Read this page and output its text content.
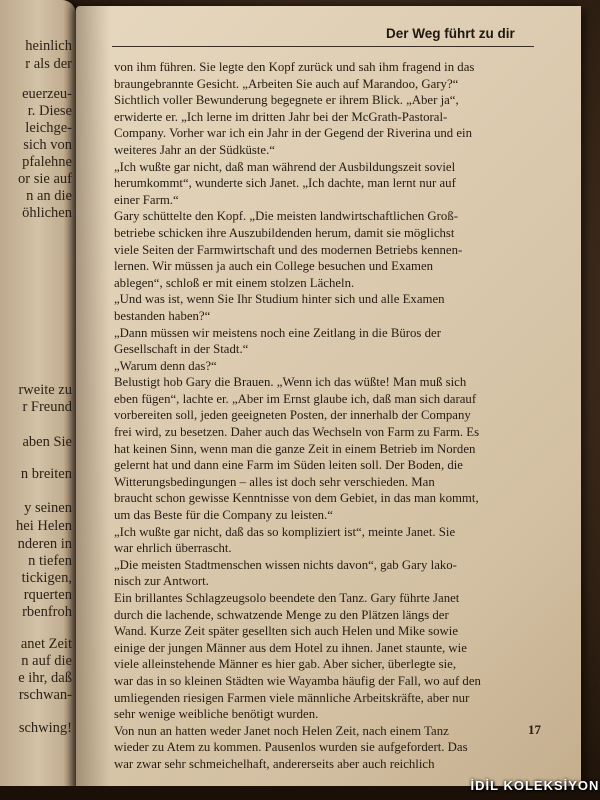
heinlich
r als der
euerzeu-
r. Diese
leichge-
sich von
pfalehne
or sie auf
n an die
öhlichen
rweite zu
r Freund
aben Sie
n breiten
y seinen
hei Helen
nderen in
n tiefen
tickigen,
rquerten
rbenfroh
anet Zeit
n auf die
e ihr, daß
rschwan-
schwing!
Der Weg führt zu dir
von ihm führen. Sie legte den Kopf zurück und sah ihm fragend in das
braungebrannte Gesicht. „Arbeiten Sie auch auf Marandoo, Gary?“
Sichtlich voller Bewunderung begegnete er ihrem Blick. „Aber ja“,
erwiderte er. „Ich lerne im dritten Jahr bei der McGrath-Pastoral-
Company. Vorher war ich ein Jahr in der Gegend der Riverina und ein
weiteres Jahr an der Südküste.“
„Ich wußte gar nicht, daß man während der Ausbildungszeit soviel
herumkommt“, wunderte sich Janet. „Ich dachte, man lernt nur auf
einer Farm.“
Gary schüttelte den Kopf. „Die meisten landwirtschaftlichen Groß-
betriebe schicken ihre Auszubildenden herum, damit sie möglichst
viele Seiten der Farmwirtschaft und des modernen Betriebs kennen-
lernen. Wir müssen ja auch ein College besuchen und Examen
ablegen“, schloß er mit einem stolzen Lächeln.
„Und was ist, wenn Sie Ihr Studium hinter sich und alle Examen
bestanden haben?“
„Dann müssen wir meistens noch eine Zeitlang in die Büros der
Gesellschaft in der Stadt.“
„Warum denn das?“
Belustigt hob Gary die Brauen. „Wenn ich das wüßte! Man muß sich
eben fügen“, lachte er. „Aber im Ernst glaube ich, daß man sich darauf
vorbereiten soll, jeden geeigneten Posten, der innerhalb der Company
frei wird, zu besetzen. Daher auch das Wechseln von Farm zu Farm. Es
hat keinen Sinn, wenn man die ganze Zeit in einem Betrieb im Norden
gelernt hat und dann eine Farm im Süden leiten soll. Der Boden, die
Witterungsbedingungen – alles ist doch sehr verschieden. Man
braucht schon gewisse Kenntnisse von dem Gebiet, in das man kommt,
um das Beste für die Company zu leisten.“
„Ich wußte gar nicht, daß das so kompliziert ist“, meinte Janet. Sie
war ehrlich überrascht.
„Die meisten Stadtmenschen wissen nichts davon“, gab Gary lako-
nisch zur Antwort.
Ein brillantes Schlagzeugsolo beendete den Tanz. Gary führte Janet
durch die lachende, schwatzende Menge zu den Plätzen längs der
Wand. Kurze Zeit später gesellten sich auch Helen und Mike sowie
einige der jungen Männer aus dem Hotel zu ihnen. Janet staunte, wie
viele alleinstehende Männer es hier gab. Aber sicher, überlegte sie,
war das in so kleinen Städten wie Wayamba häufig der Fall, wo auf den
umliegenden riesigen Farmen viele männliche Arbeitskräfte, aber nur
sehr wenige weibliche benötigt wurden.
Von nun an hatten weder Janet noch Helen Zeit, nach einem Tanz
wieder zu Atem zu kommen. Pausenlos wurden sie aufgefordert. Das
war zwar sehr schmeichelhaft, andererseits aber auch reichlich
17
İDİL KOLEKSİYON
